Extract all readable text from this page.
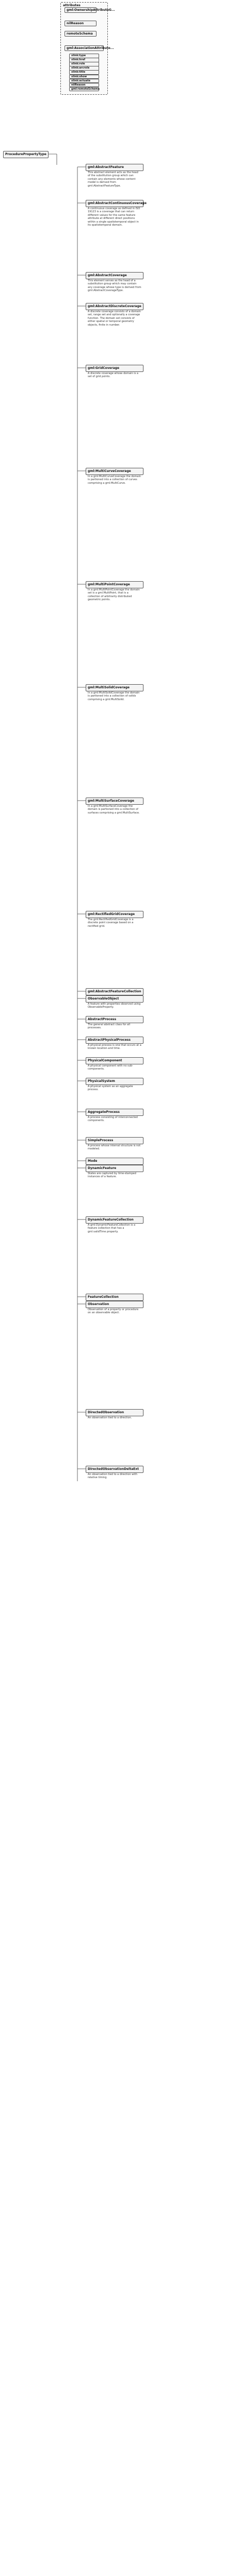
ProcedurePropertyType
attributes
gml:OwnershipAttributeG...
nilReason
remoteSchema
gml:AssociationAttribute...
xlink:type
xlink:href
xlink:role
xlink:arcrole
xlink:title
xlink:show
xlink:actuate
nilReason
gml:remoteSchema
gml:AbstractFeature
This abstract element acts as the head of the substitution group which can contain any elements whose content model is derived from gml:AbstractFeatureType.
gml:AbstractContinuousCoverage
A continuous coverage as defined in ISO 19123 is a coverage that can return different values for the same feature attribute at different direct positions within a single spatiotemporal object in its spatiotemporal domain.
gml:AbstractCoverage
This element serves as the head of a substitution group which may contain any coverage whose type is derived from gml:AbstractCoverageType.
gml:AbstractDiscreteCoverage
A discrete coverage consists of a domain set, range set and optionally a coverage function. The domain set consists of either spatial or temporal geometry objects, finite in number.
gml:GridCoverage
A discrete coverage whose domain is a set of grid points.
gml:MultiCurveCoverage
In a gml:MultiCurveCoverage the domain is partioned into a collection of curves comprising a gml:MultiCurve.
gml:MultiPointCoverage
In a gml:MultiPointCoverage the domain set is a gml:MultiPoint, that is a collection of arbitrarily distributed geometric points.
gml:MultiSolidCoverage
In a gml:MultiSolidCoverage the domain is partioned into a collection of solids comprising a gml:MultiSolid.
gml:MultiSurfaceCoverage
In a gml:MultiSurfaceCoverage the domain is partioned into a collection of surfaces comprising a gml:MultiSurface.
gml:RectifiedGridCoverage
The gml:RectifiedGridCoverage is a discrete point coverage based on a rectified grid.
gml:AbstractFeatureCollection
ObservableObject
A feature with properties observed using ObservableProperty.
AbstractProcess
The general abstract class for all processes.
AbstractPhysicalProcess
A physical process is one that occurs at a known location and time.
PhysicalComponent
A physical component with no sub-components.
PhysicalSystem
A physical system as an aggregate process.
AggregateProcess
A process consisting of interconnected components.
SimpleProcess
A process whose internal structure is not modeled.
Mode
DynamicFeature
States are captured by time-stamped instances of a feature.
DynamicFeatureCollection
A gml:DynamicFeatureCollection is a feature collection that has a gml:validTime property.
FeatureCollection
Observation
Observation of a property or procedure on an observable object.
DirectedObservation
An observation tied to a direction.
DirectedObservationDeltaExt
An observation tied to a direction with relative timing.
